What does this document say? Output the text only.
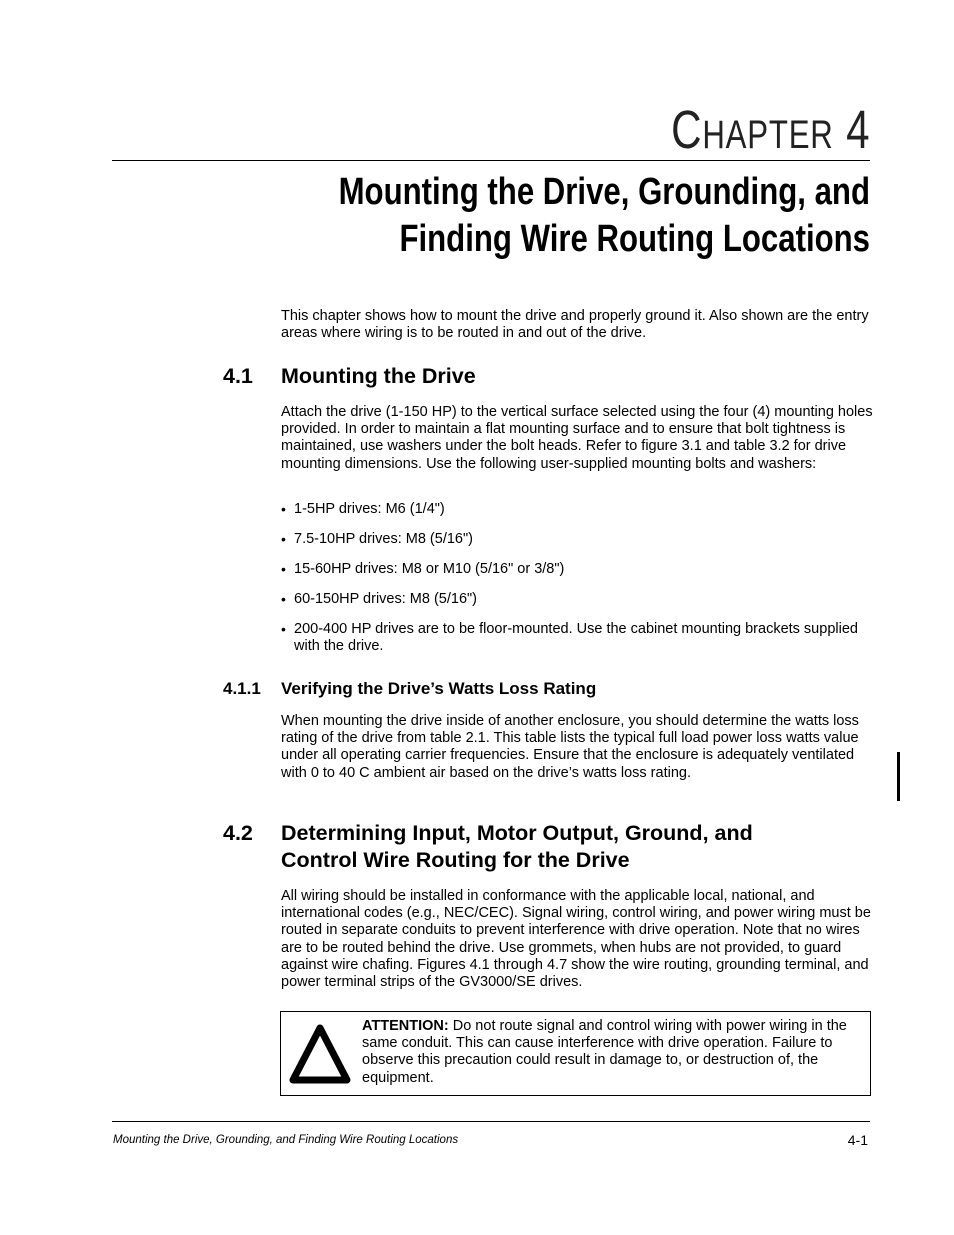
CHAPTER 4
Mounting the Drive, Grounding, and
Finding Wire Routing Locations

This chapter shows how to mount the drive and properly ground it. Also shown are the entry areas where wiring is to be routed in and out of the drive.

4.1 Mounting the Drive

Attach the drive (1-150 HP) to the vertical surface selected using the four (4) mounting holes provided. In order to maintain a flat mounting surface and to ensure that bolt tightness is maintained, use washers under the bolt heads. Refer to figure 3.1 and table 3.2 for drive mounting dimensions. Use the following user-supplied mounting bolts and washers:

• 1-5HP drives: M6 (1/4")
• 7.5-10HP drives: M8 (5/16")
• 15-60HP drives: M8 or M10 (5/16" or 3/8")
• 60-150HP drives: M8 (5/16")
• 200-400 HP drives are to be floor-mounted. Use the cabinet mounting brackets supplied with the drive.
4.1.1 Verifying the Drive’s Watts Loss Rating

When mounting the drive inside of another enclosure, you should determine the watts loss rating of the drive from table 2.1. This table lists the typical full load power loss watts value under all operating carrier frequencies. Ensure that the enclosure is adequately ventilated with 0 to 40 C ambient air based on the drive’s watts loss rating.

4.2 Determining Input, Motor Output, Ground, and
Control Wire Routing for the Drive

All wiring should be installed in conformance with the applicable local, national, and international codes (e.g., NEC/CEC). Signal wiring, control wiring, and power wiring must be routed in separate conduits to prevent interference with drive operation. Note that no wires are to be routed behind the drive. Use grommets, when hubs are not provided, to guard against wire chafing. Figures 4.1 through 4.7 show the wire routing, grounding terminal, and power terminal strips of the GV3000/SE drives.

ATTENTION: Do not route signal and control wiring with power wiring in the same conduit. This can cause interference with drive operation. Failure to observe this precaution could result in damage to, or destruction of, the equipment.

Mounting the Drive, Grounding, and Finding Wire Routing Locations	4-1
